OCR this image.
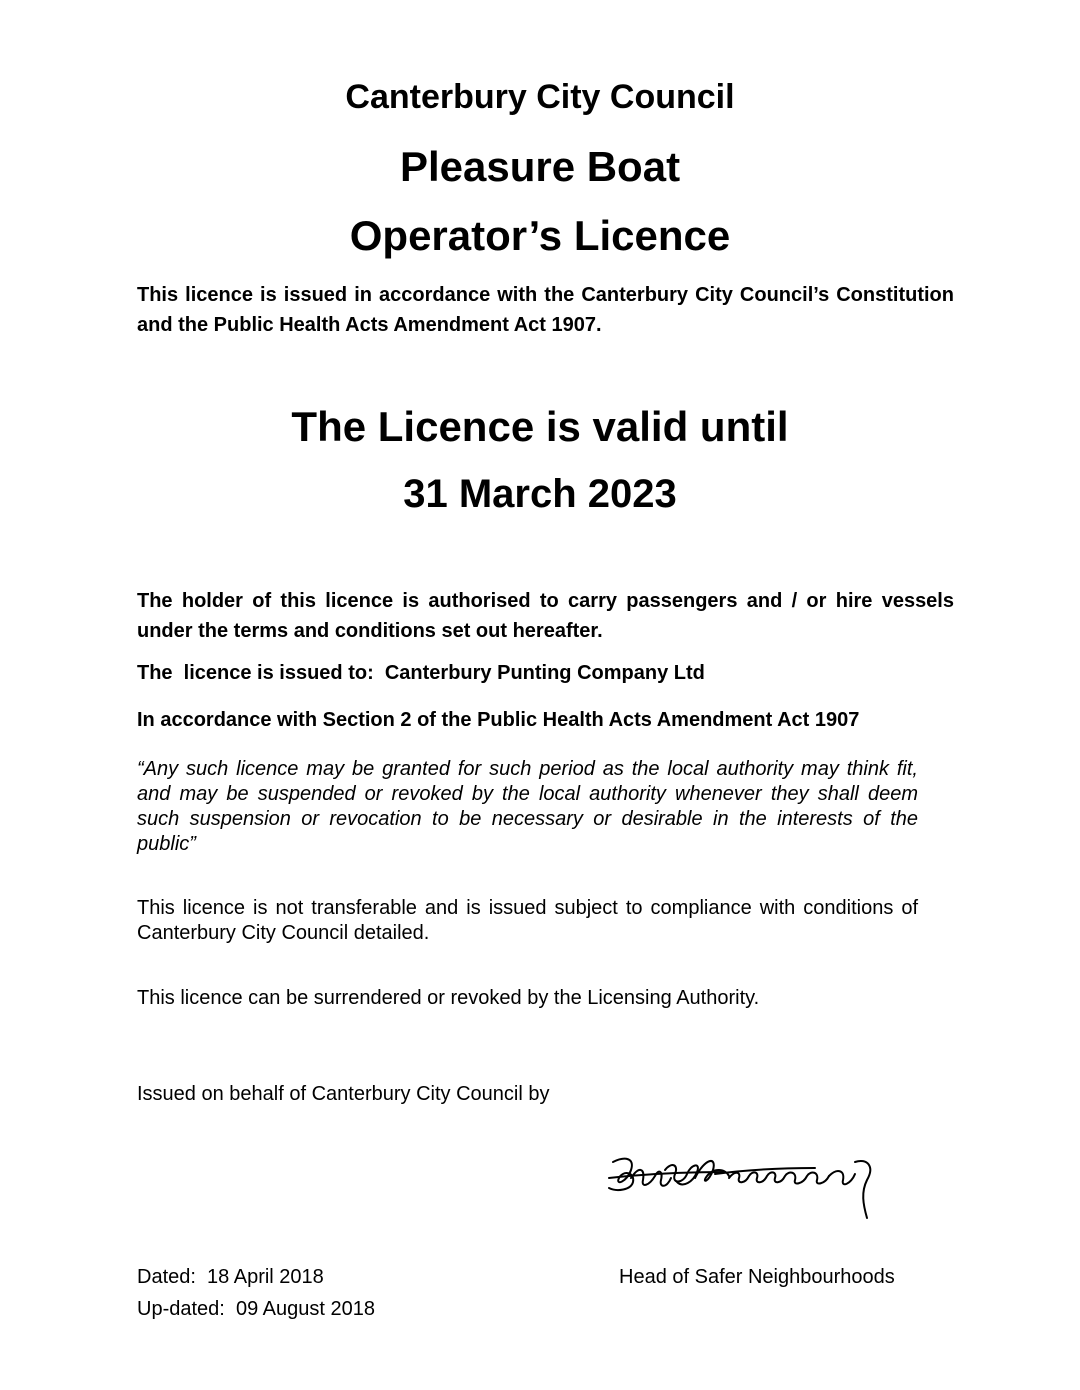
Canterbury City Council
Pleasure Boat
Operator’s Licence
This licence is issued in accordance with the Canterbury City Council’s Constitution and the Public Health Acts Amendment Act 1907.
The Licence is valid until
31 March 2023
The holder of this licence is authorised to carry passengers and / or hire vessels under the terms and conditions set out hereafter.
The  licence is issued to:  Canterbury Punting Company Ltd
In accordance with Section 2 of the Public Health Acts Amendment Act 1907
“Any such licence may be granted for such period as the local authority may think fit, and may be suspended or revoked by the local authority whenever they shall deem such suspension or revocation to be necessary or desirable in the interests of the public”
This licence is not transferable and is issued subject to compliance with conditions of Canterbury City Council detailed.
This licence can be surrendered or revoked by the Licensing Authority.
Issued on behalf of Canterbury City Council by
Dated:  18 April 2018
Up-dated:  09 August 2018
Head of Safer Neighbourhoods
